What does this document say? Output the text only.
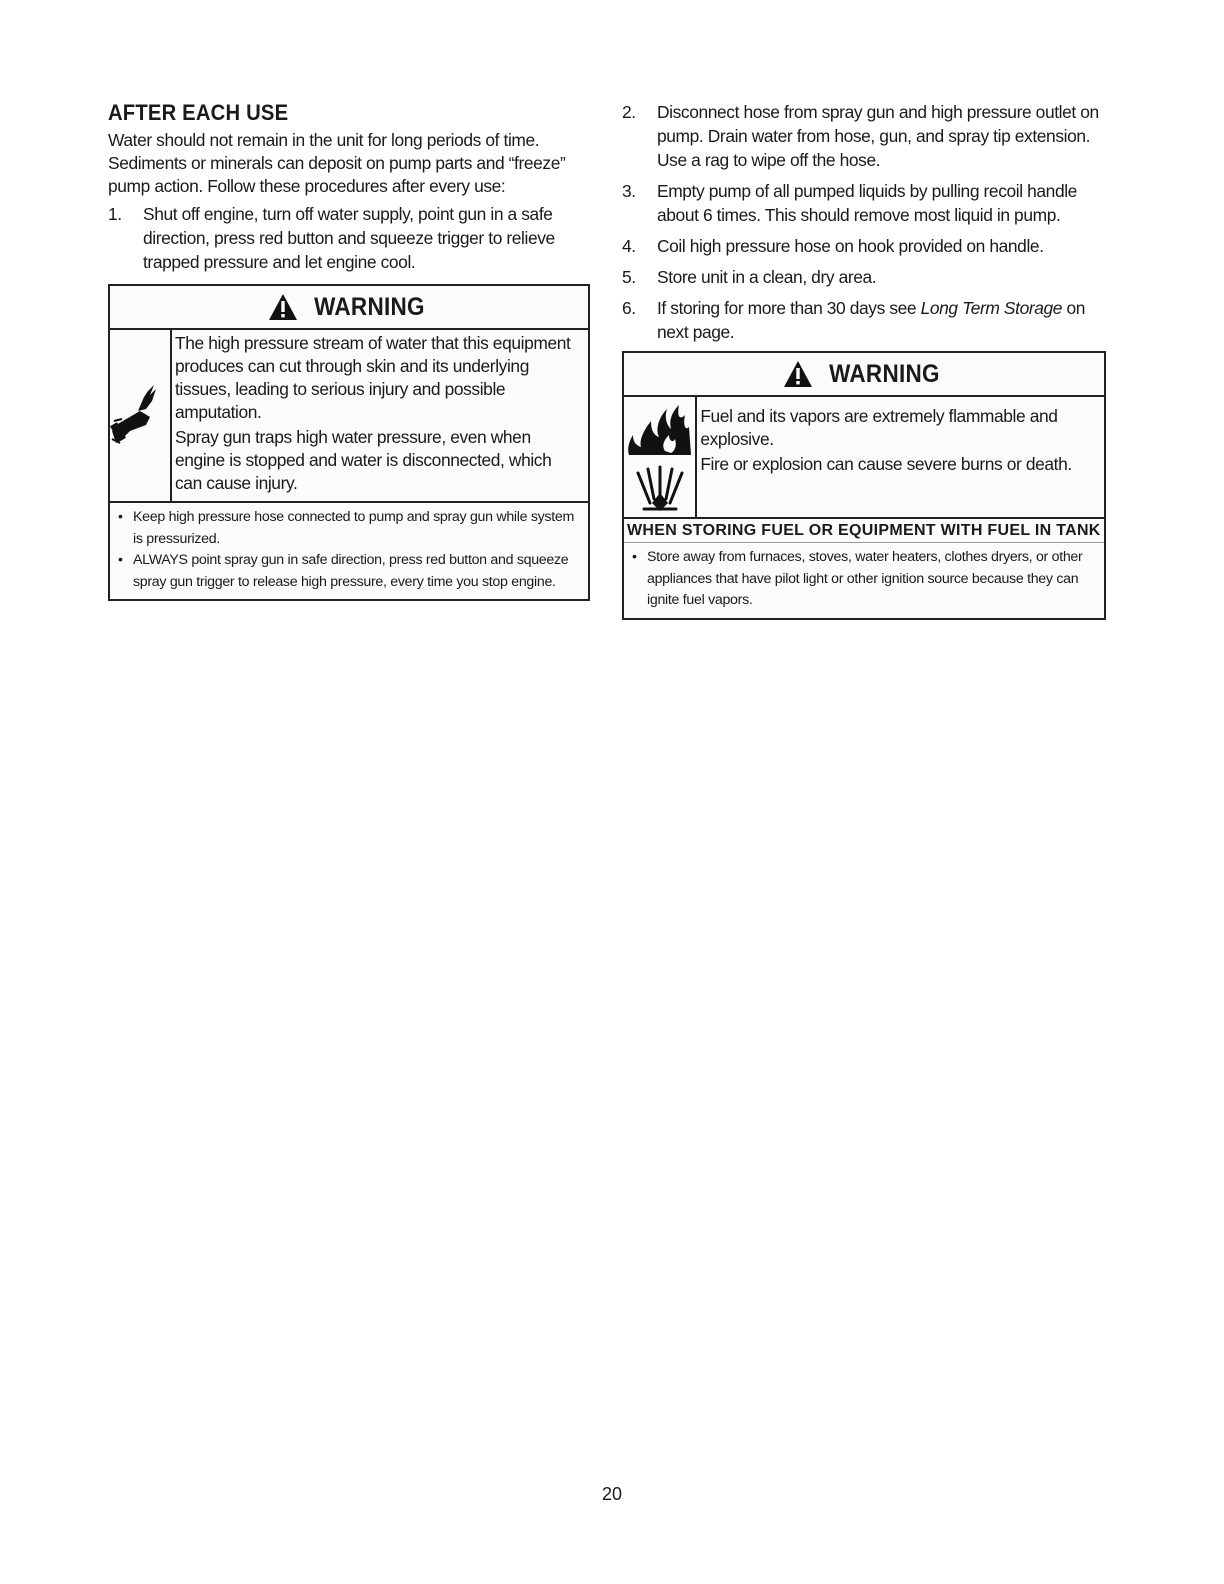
AFTER EACH USE
Water should not remain in the unit for long periods of time. Sediments or minerals can deposit on pump parts and “freeze” pump action. Follow these procedures after every use:
1. Shut off engine, turn off water supply, point gun in a safe direction, press red button and squeeze trigger to relieve trapped pressure and let engine cool.
WARNING

The high pressure stream of water that this equipment produces can cut through skin and its underlying tissues, leading to serious injury and possible amputation.

Spray gun traps high water pressure, even when engine is stopped and water is disconnected, which can cause injury.

• Keep high pressure hose connected to pump and spray gun while system is pressurized.
• ALWAYS point spray gun in safe direction, press red button and squeeze spray gun trigger to release high pressure, every time you stop engine.
2. Disconnect hose from spray gun and high pressure outlet on pump. Drain water from hose, gun, and spray tip extension. Use a rag to wipe off the hose.
3. Empty pump of all pumped liquids by pulling recoil handle about 6 times. This should remove most liquid in pump.
4. Coil high pressure hose on hook provided on handle.
5. Store unit in a clean, dry area.
6. If storing for more than 30 days see Long Term Storage on next page.
WARNING

Fuel and its vapors are extremely flammable and explosive.

Fire or explosion can cause severe burns or death.

WHEN STORING FUEL OR EQUIPMENT WITH FUEL IN TANK
• Store away from furnaces, stoves, water heaters, clothes dryers, or other appliances that have pilot light or other ignition source because they can ignite fuel vapors.
20
